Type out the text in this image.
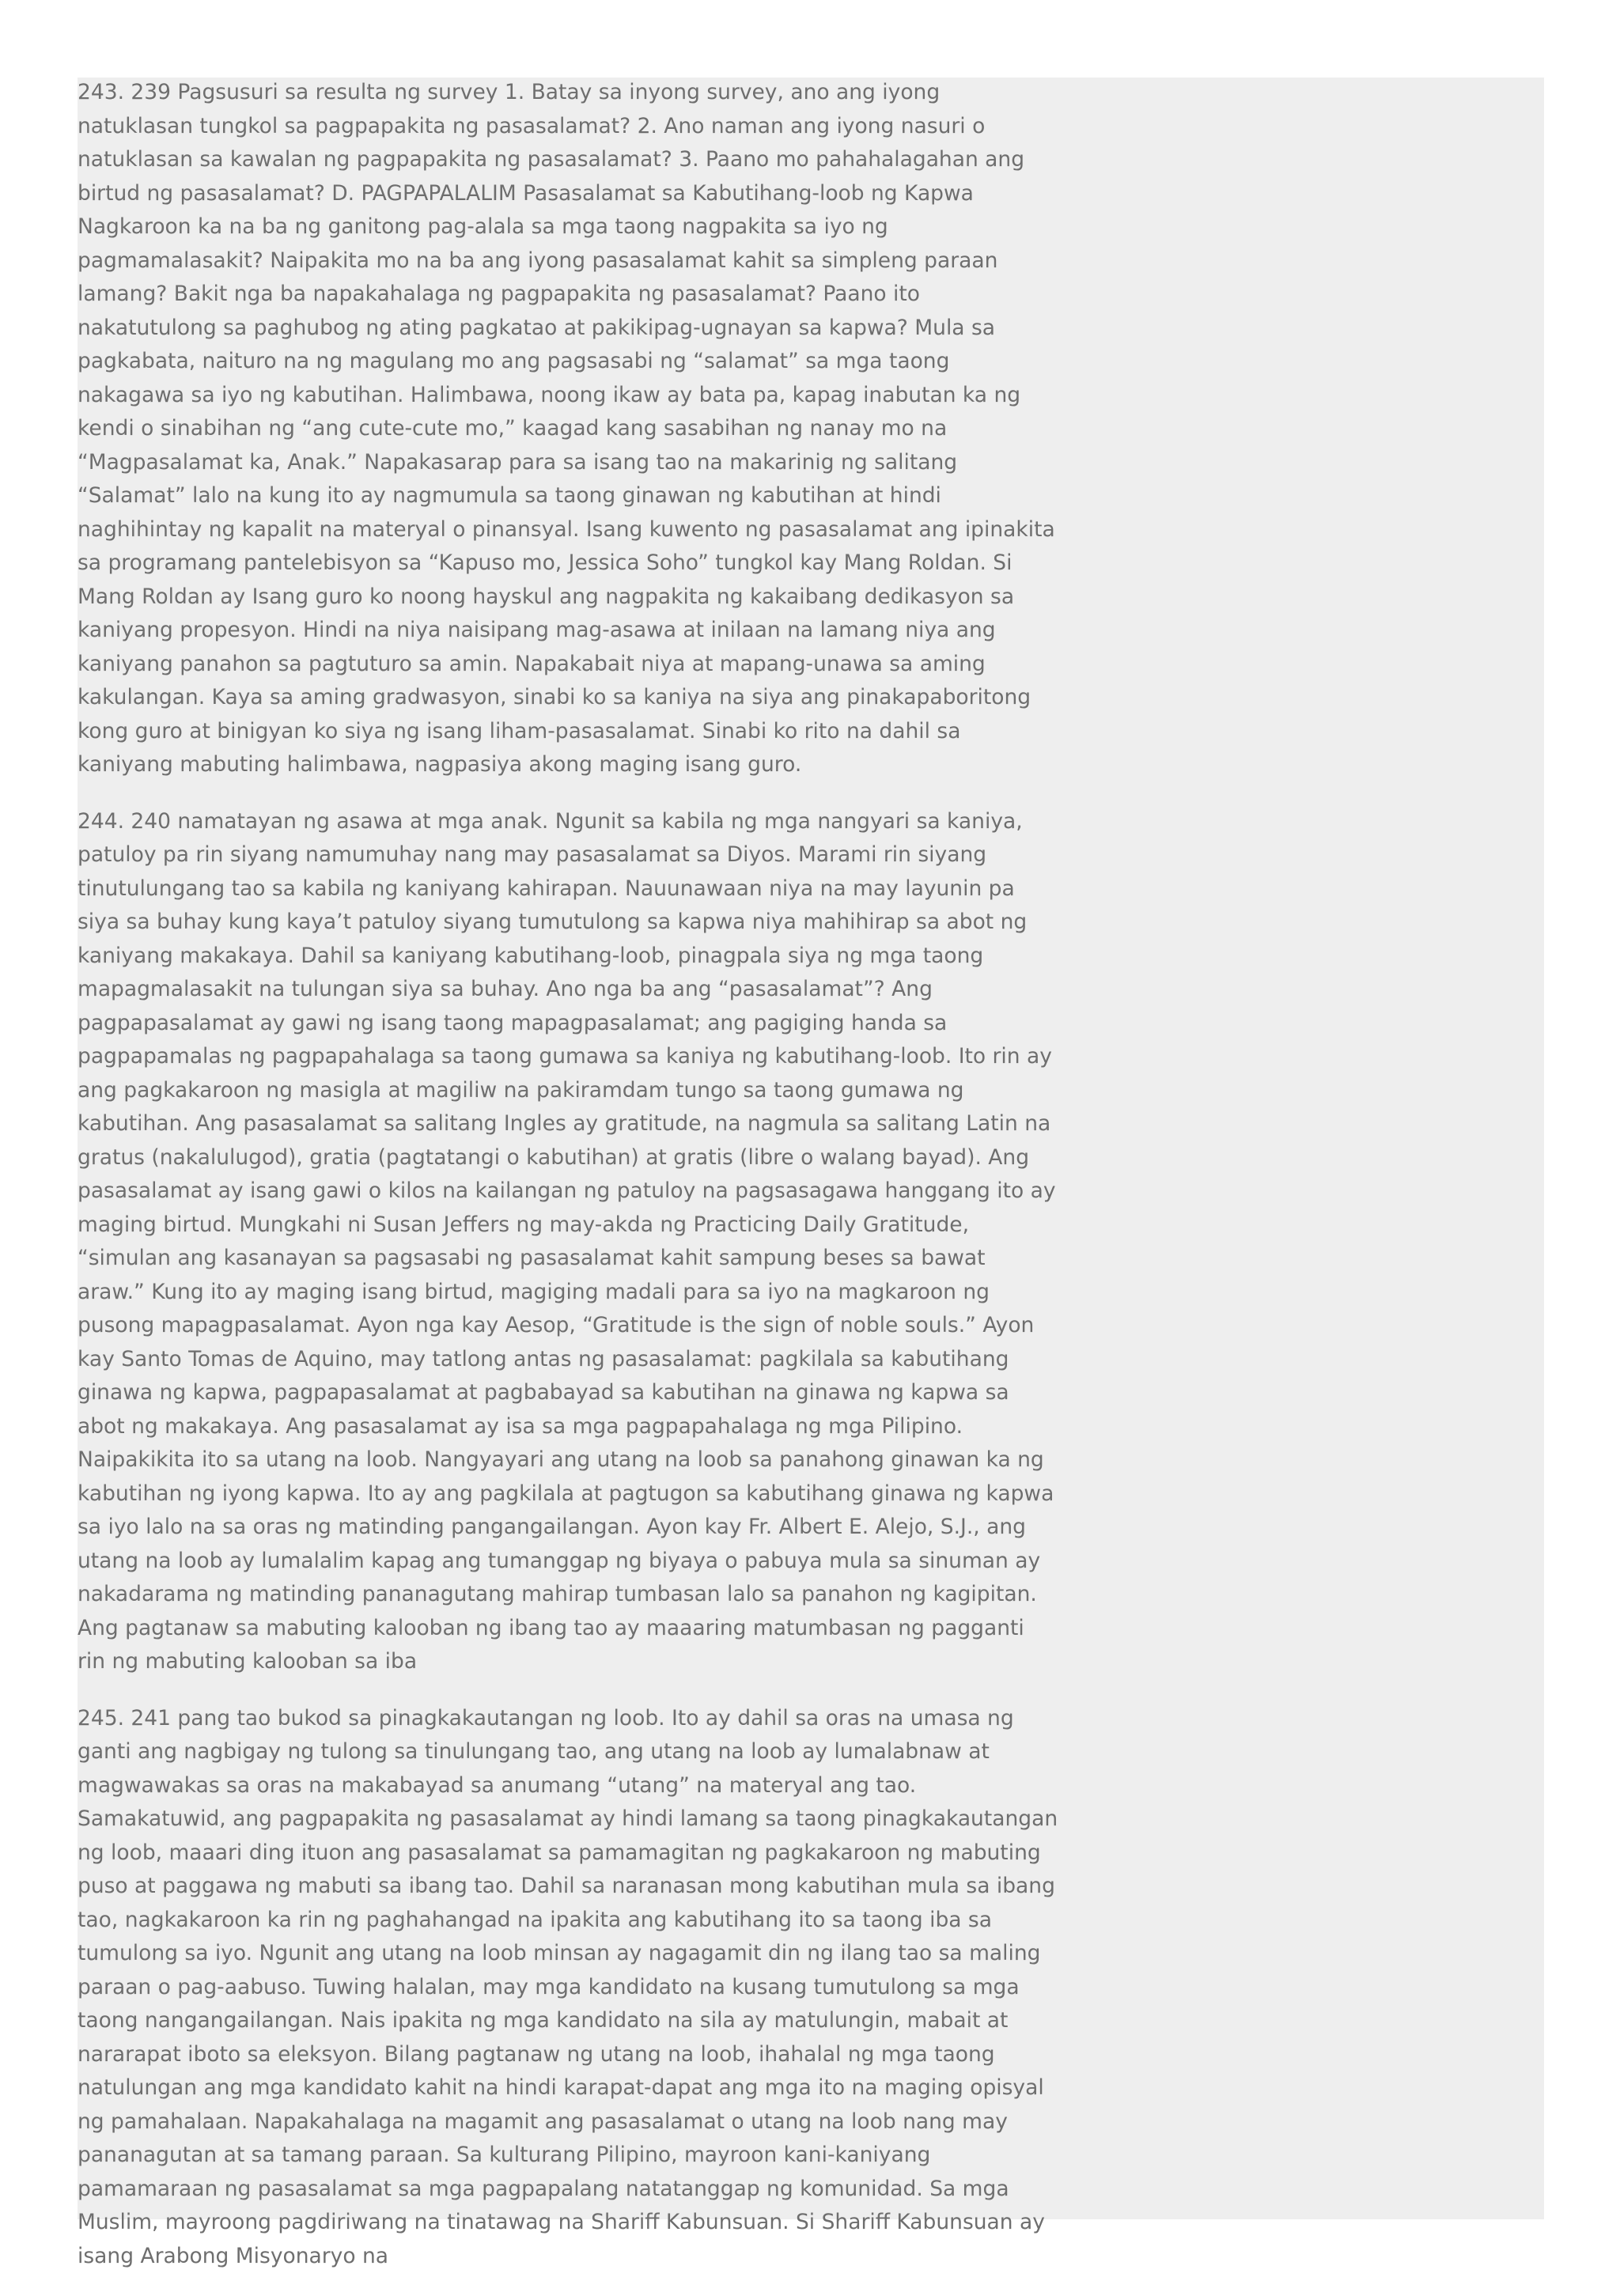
243. 239 Pagsusuri sa resulta ng survey 1. Batay sa inyong survey, ano ang iyong natuklasan tungkol sa pagpapakita ng pasasalamat? 2. Ano naman ang iyong nasuri o natuklasan sa kawalan ng pagpapakita ng pasasalamat? 3. Paano mo pahahalagahan ang birtud ng pasasalamat? D. PAGPAPALALIM Pasasalamat sa Kabutihang-loob ng Kapwa Nagkaroon ka na ba ng ganitong pag-alala sa mga taong nagpakita sa iyo ng pagmamalasakit? Naipakita mo na ba ang iyong pasasalamat kahit sa simpleng paraan lamang? Bakit nga ba napakahalaga ng pagpapakita ng pasasalamat? Paano ito nakatutulong sa paghubog ng ating pagkatao at pakikipag-ugnayan sa kapwa? Mula sa pagkabata, naituro na ng magulang mo ang pagsasabi ng “salamat” sa mga taong nakagawa sa iyo ng kabutihan. Halimbawa, noong ikaw ay bata pa, kapag inabutan ka ng kendi o sinabihan ng “ang cute-cute mo,” kaagad kang sasabihan ng nanay mo na “Magpasalamat ka, Anak.” Napakasarap para sa isang tao na makarinig ng salitang “Salamat” lalo na kung ito ay nagmumula sa taong ginawan ng kabutihan at hindi naghihintay ng kapalit na materyal o pinansyal. Isang kuwento ng pasasalamat ang ipinakita sa programang pantelebisyon sa “Kapuso mo, Jessica Soho” tungkol kay Mang Roldan. Si Mang Roldan ay Isang guro ko noong hayskul ang nagpakita ng kakaibang dedikasyon sa kaniyang propesyon. Hindi na niya naisipang mag-asawa at inilaan na lamang niya ang kaniyang panahon sa pagtuturo sa amin. Napakabait niya at mapang-unawa sa aming kakulangan. Kaya sa aming gradwasyon, sinabi ko sa kaniya na siya ang pinakapaboritong kong guro at binigyan ko siya ng isang liham-pasasalamat. Sinabi ko rito na dahil sa kaniyang mabuting halimbawa, nagpasiya akong maging isang guro.

244. 240 namatayan ng asawa at mga anak. Ngunit sa kabila ng mga nangyari sa kaniya, patuloy pa rin siyang namumuhay nang may pasasalamat sa Diyos. Marami rin siyang tinutulungang tao sa kabila ng kaniyang kahirapan. Nauunawaan niya na may layunin pa siya sa buhay kung kaya’t patuloy siyang tumutulong sa kapwa niya mahihirap sa abot ng kaniyang makakaya. Dahil sa kaniyang kabutihang-loob, pinagpala siya ng mga taong mapagmalasakit na tulungan siya sa buhay. Ano nga ba ang “pasasalamat”? Ang pagpapasalamat ay gawi ng isang taong mapagpasalamat; ang pagiging handa sa pagpapamalas ng pagpapahalaga sa taong gumawa sa kaniya ng kabutihang-loob. Ito rin ay ang pagkakaroon ng masigla at magiliw na pakiramdam tungo sa taong gumawa ng kabutihan. Ang pasasalamat sa salitang Ingles ay gratitude, na nagmula sa salitang Latin na gratus (nakalulugod), gratia (pagtatangi o kabutihan) at gratis (libre o walang bayad). Ang pasasalamat ay isang gawi o kilos na kailangan ng patuloy na pagsasagawa hanggang ito ay maging birtud. Mungkahi ni Susan Jeffers ng may-akda ng Practicing Daily Gratitude, “simulan ang kasanayan sa pagsasabi ng pasasalamat kahit sampung beses sa bawat araw.” Kung ito ay maging isang birtud, magiging madali para sa iyo na magkaroon ng pusong mapagpasalamat. Ayon nga kay Aesop, “Gratitude is the sign of noble souls.” Ayon kay Santo Tomas de Aquino, may tatlong antas ng pasasalamat: pagkilala sa kabutihang ginawa ng kapwa, pagpapasalamat at pagbabayad sa kabutihan na ginawa ng kapwa sa abot ng makakaya. Ang pasasalamat ay isa sa mga pagpapahalaga ng mga Pilipino. Naipakikita ito sa utang na loob. Nangyayari ang utang na loob sa panahong ginawan ka ng kabutihan ng iyong kapwa. Ito ay ang pagkilala at pagtugon sa kabutihang ginawa ng kapwa sa iyo lalo na sa oras ng matinding pangangailangan. Ayon kay Fr. Albert E. Alejo, S.J., ang utang na loob ay lumalalim kapag ang tumanggap ng biyaya o pabuya mula sa sinuman ay nakadarama ng matinding pananagutang mahirap tumbasan lalo sa panahon ng kagipitan. Ang pagtanaw sa mabuting kalooban ng ibang tao ay maaaring matumbasan ng pagganti rin ng mabuting kalooban sa iba

245. 241 pang tao bukod sa pinagkakautangan ng loob. Ito ay dahil sa oras na umasa ng ganti ang nagbigay ng tulong sa tinulungang tao, ang utang na loob ay lumalabnaw at magwawakas sa oras na makabayad sa anumang “utang” na materyal ang tao. Samakatuwid, ang pagpapakita ng pasasalamat ay hindi lamang sa taong pinagkakautangan ng loob, maaari ding ituon ang pasasalamat sa pamamagitan ng pagkakaroon ng mabuting puso at paggawa ng mabuti sa ibang tao. Dahil sa naranasan mong kabutihan mula sa ibang tao, nagkakaroon ka rin ng paghahangad na ipakita ang kabutihang ito sa taong iba sa tumulong sa iyo. Ngunit ang utang na loob minsan ay nagagamit din ng ilang tao sa maling paraan o pag-aabuso. Tuwing halalan, may mga kandidato na kusang tumutulong sa mga taong nangangailangan. Nais ipakita ng mga kandidato na sila ay matulungin, mabait at nararapat iboto sa eleksyon. Bilang pagtanaw ng utang na loob, ihahalal ng mga taong natulungan ang mga kandidato kahit na hindi karapat-dapat ang mga ito na maging opisyal ng pamahalaan. Napakahalaga na magamit ang pasasalamat o utang na loob nang may pananagutan at sa tamang paraan. Sa kulturang Pilipino, mayroon kani-kaniyang pamamaraan ng pasasalamat sa mga pagpapalang natatanggap ng komunidad. Sa mga Muslim, mayroong pagdiriwang na tinatawag na Shariff Kabunsuan. Si Shariff Kabunsuan ay isang Arabong Misyonaryo na
